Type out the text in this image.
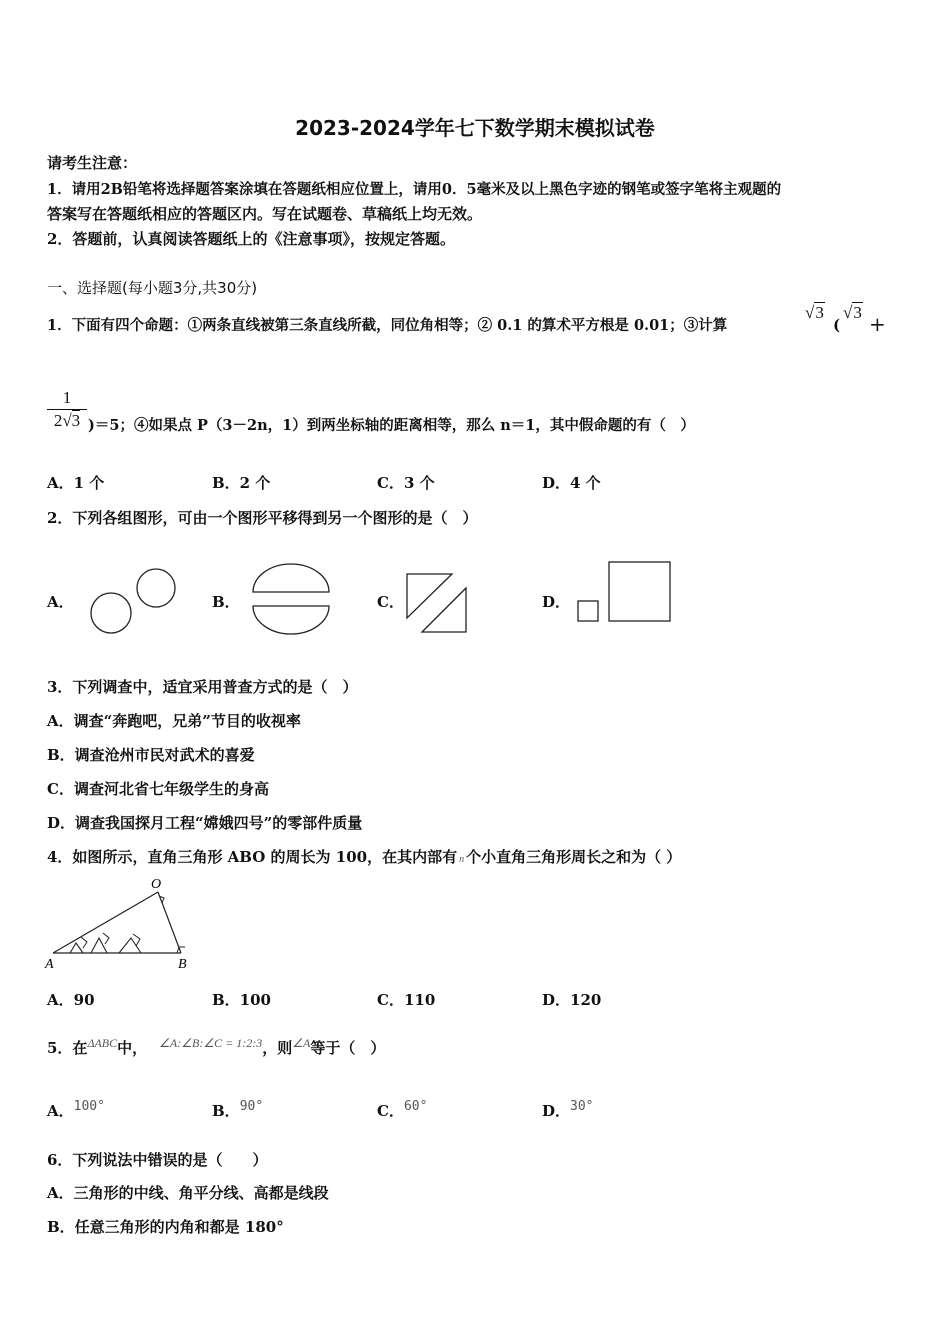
2023-2024学年七下数学期末模拟试卷
请考生注意：
1．请用2B铅笔将选择题答案涂填在答题纸相应位置上，请用0．5毫米及以上黑色字迹的钢笔或签字笔将主观题的
答案写在答题纸相应的答题区内。写在试题卷、草稿纸上均无效。
2．答题前，认真阅读答题纸上的《注意事项》，按规定答题。
一、选择题(每小题3分,共30分)
1．下面有四个命题：①两条直线被第三条直线所截，同位角相等；② 0.1 的算术平方根是 0.01；③计算
√3
(
√3 +
1
2√3 )＝5；④如果点 P（3－2n，1）到两坐标轴的距离相等，那么 n＝1，其中假命题的有（　）
A．1 个	B．2 个	C．3 个	D．4 个
2．下列各组图形，可由一个图形平移得到另一个图形的是（　）
A．	B．	C．	D．
3．下列调查中，适宜采用普查方式的是（　）
A．调查“奔跑吧，兄弟”节目的收视率
B．调查沧州市民对武术的喜爱
C．调查河北省七年级学生的身高
D．调查我国探月工程“嫦娥四号”的零部件质量
4．如图所示，直角三角形 ABO 的周长为 100，在其内部有 n 个小直角三角形周长之和为（ ）
O
A	B
A．90	B．100	C．110	D．120
5．在$^{\Delta ABC}$中， $^{\angle A:\angle B:\angle C = 1:2:3}$，则$^{\angle A}$等于（　）
A．$^{100^\circ}$	B．$^{90^\circ}$	C．$^{60^\circ}$	D．$^{30^\circ}$
6．下列说法中错误的是（　　）
A．三角形的中线、角平分线、高都是线段
B．任意三角形的内角和都是 180°
